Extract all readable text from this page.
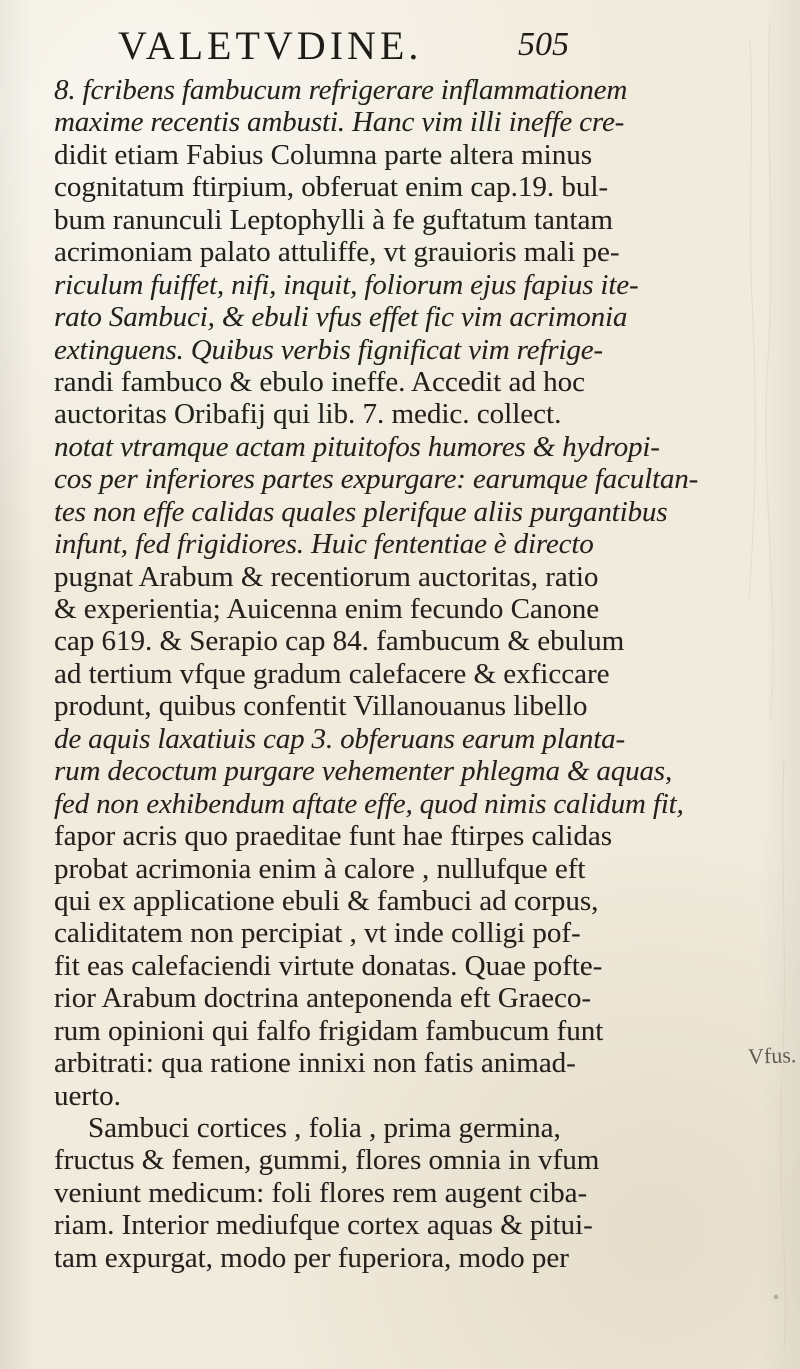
VALETVDINE.	505
8. fcribens fambucum refrigerare inflammationem
maxime recentis ambusti. Hanc vim illi ineffe cre-
didit etiam Fabius Columna parte altera minus
cognitatum ftirpium, obferuat enim cap.19. bul-
bum ranunculi Leptophylli à fe guftatum tantam
acrimoniam palato attuliffe, vt grauioris mali pe-
riculum fuiffet, nifi, inquit, foliorum ejus fapius ite-
rato Sambuci, & ebuli vfus effet fic vim acrimonia
extinguens. Quibus verbis fignificat vim refrige-
randi fambuco & ebulo ineffe. Accedit ad hoc
auctoritas Oribafij qui lib. 7. medic. collect.
notat vtramque actam pituitofos humores & hydropi-
cos per inferiores partes expurgare: earumque facultan-
tes non effe calidas quales plerifque aliis purgantibus
infunt, fed frigidiores. Huic fententiae è directo
pugnat Arabum & recentiorum auctoritas, ratio
& experientia; Auicenna enim fecundo Canone
cap 619. & Serapio cap 84. fambucum & ebulum
ad tertium vfque gradum calefacere & exficcare
produnt, quibus confentit Villanouanus libello
de aquis laxatiuis cap 3. obferuans earum planta-
rum decoctum purgare vehementer phlegma & aquas,
fed non exhibendum aftate effe, quod nimis calidum fit,
fapor acris quo praeditae funt hae ftirpes calidas
probat acrimonia enim à calore , nullufque eft
qui ex applicatione ebuli & fambuci ad corpus,
caliditatem non percipiat , vt inde colligi pof-
fit eas calefaciendi virtute donatas. Quae pofte-
rior Arabum doctrina anteponenda eft Graeco-
rum opinioni qui falfo frigidam fambucum funt
arbitrati: qua ratione innixi non fatis animad-
uerto.
Sambuci cortices , folia , prima germina,
fructus & femen, gummi, flores omnia in vfum
veniunt medicum: foli flores rem augent ciba-
riam. Interior mediufque cortex aquas & pitui-
tam expurgat, modo per fuperiora, modo per
Vfus.
